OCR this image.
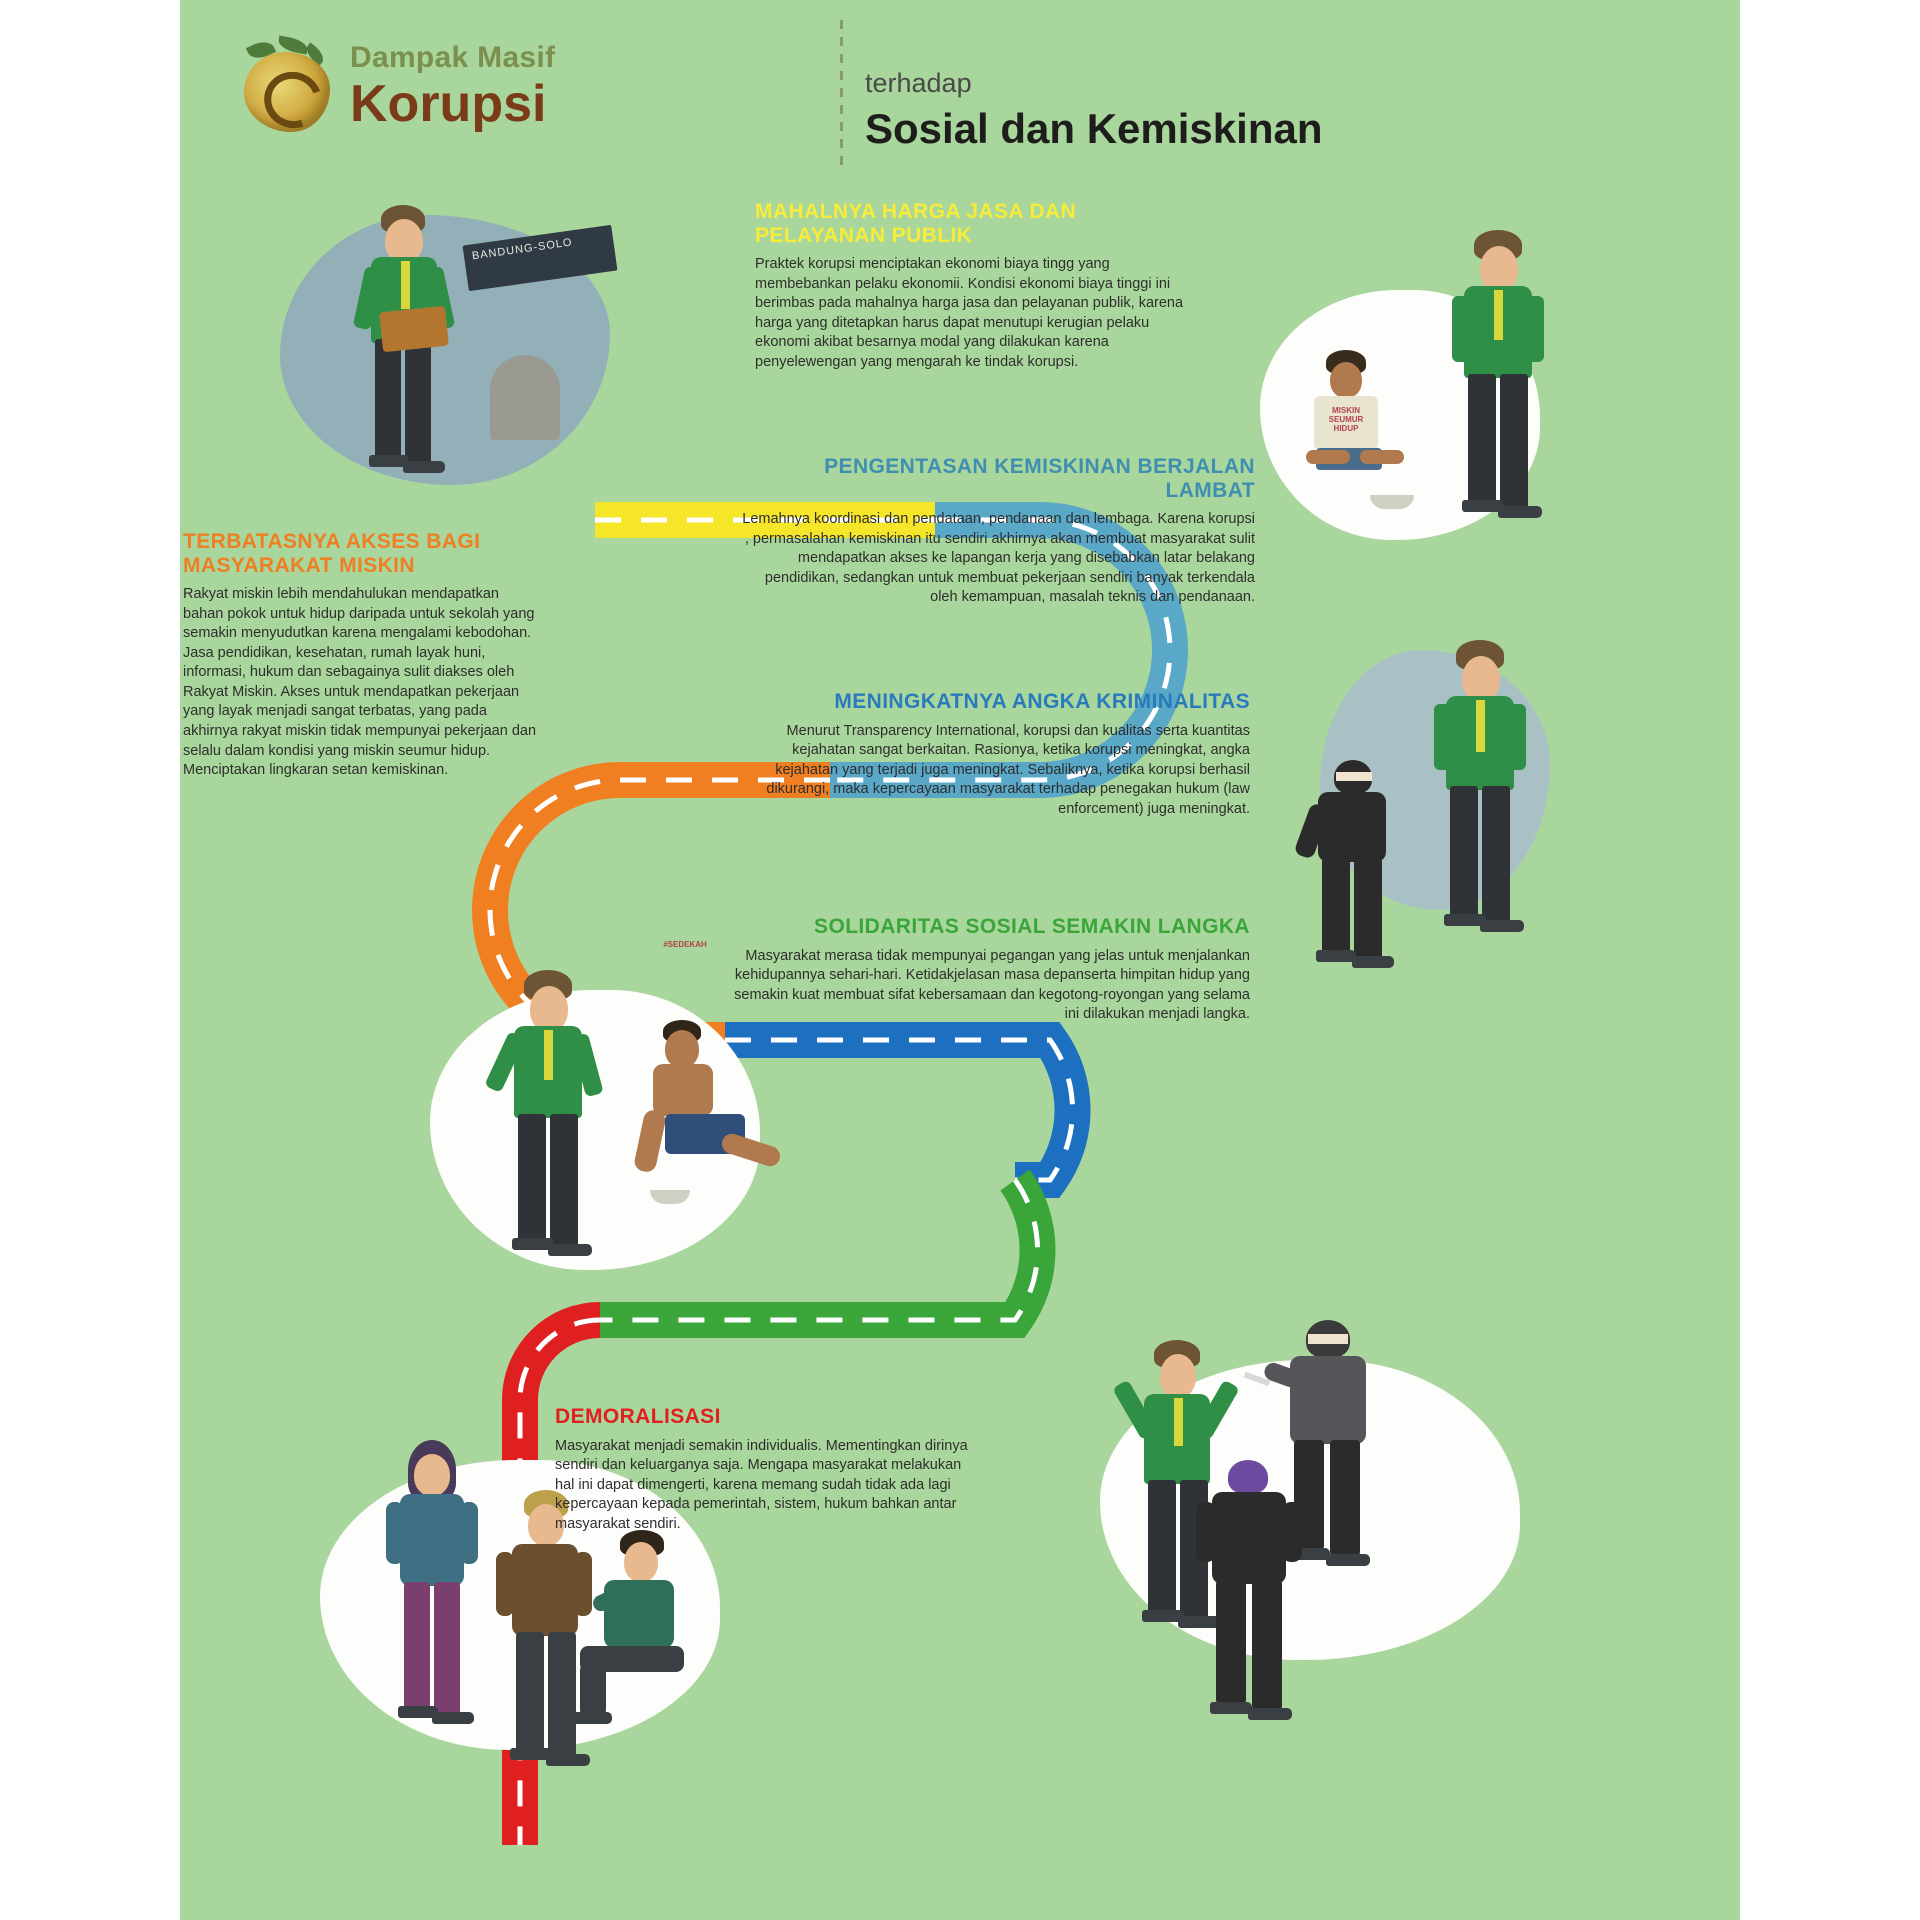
Dampak Masif
Korupsi	terhadap
Sosial dan Kemiskinan
BANDUNG-SOLO
MISKIN SEUMUR HIDUP
#SEDEKAH
MAHALNYA HARGA JASA DAN PELAYANAN PUBLIK

Praktek korupsi menciptakan ekonomi biaya tingg yang membebankan pelaku ekonomii. Kondisi ekonomi biaya tinggi ini berimbas pada mahalnya harga jasa dan pelayanan publik, karena harga yang ditetapkan harus dapat menutupi kerugian pelaku ekonomi akibat besarnya modal yang dilakukan karena penyelewengan yang mengarah ke tindak korupsi.

PENGENTASAN KEMISKINAN BERJALAN LAMBAT

Lemahnya koordinasi dan pendataan, pendanaan dan lembaga. Karena korupsi , permasalahan kemiskinan itu sendiri akhirnya akan membuat masyarakat sulit mendapatkan akses ke lapangan kerja yang disebabkan latar belakang pendidikan, sedangkan untuk membuat pekerjaan sendiri banyak terkendala oleh kemampuan, masalah teknis dan pendanaan.

TERBATASNYA AKSES BAGI MASYARAKAT MISKIN

Rakyat miskin lebih mendahulukan mendapatkan bahan pokok untuk hidup daripada untuk sekolah yang semakin menyudutkan karena mengalami kebodohan. Jasa pendidikan, kesehatan, rumah layak huni, informasi, hukum dan sebagainya sulit diakses oleh Rakyat Miskin. Akses untuk mendapatkan pekerjaan yang layak menjadi sangat terbatas, yang pada akhirnya rakyat miskin tidak mempunyai pekerjaan dan selalu dalam kondisi yang miskin seumur hidup. Menciptakan lingkaran setan kemiskinan.

MENINGKATNYA ANGKA KRIMINALITAS

Menurut Transparency International, korupsi dan kualitas serta kuantitas kejahatan sangat berkaitan. Rasionya, ketika korupsi meningkat, angka kejahatan yang terjadi juga meningkat. Sebaliknya, ketika korupsi berhasil dikurangi, maka kepercayaan masyarakat terhadap penegakan hukum (law enforcement) juga meningkat.

SOLIDARITAS SOSIAL SEMAKIN LANGKA

Masyarakat merasa tidak mempunyai pegangan yang jelas untuk menjalankan kehidupannya sehari-hari. Ketidakjelasan masa depanserta himpitan hidup yang semakin kuat membuat sifat kebersamaan dan kegotong-royongan yang selama ini dilakukan menjadi langka.

DEMORALISASI

Masyarakat menjadi semakin individualis. Mementingkan dirinya sendiri dan keluarganya saja. Mengapa masyarakat melakukan hal ini dapat dimengerti, karena memang sudah tidak ada lagi kepercayaan kepada pemerintah, sistem, hukum bahkan antar masyarakat sendiri.
